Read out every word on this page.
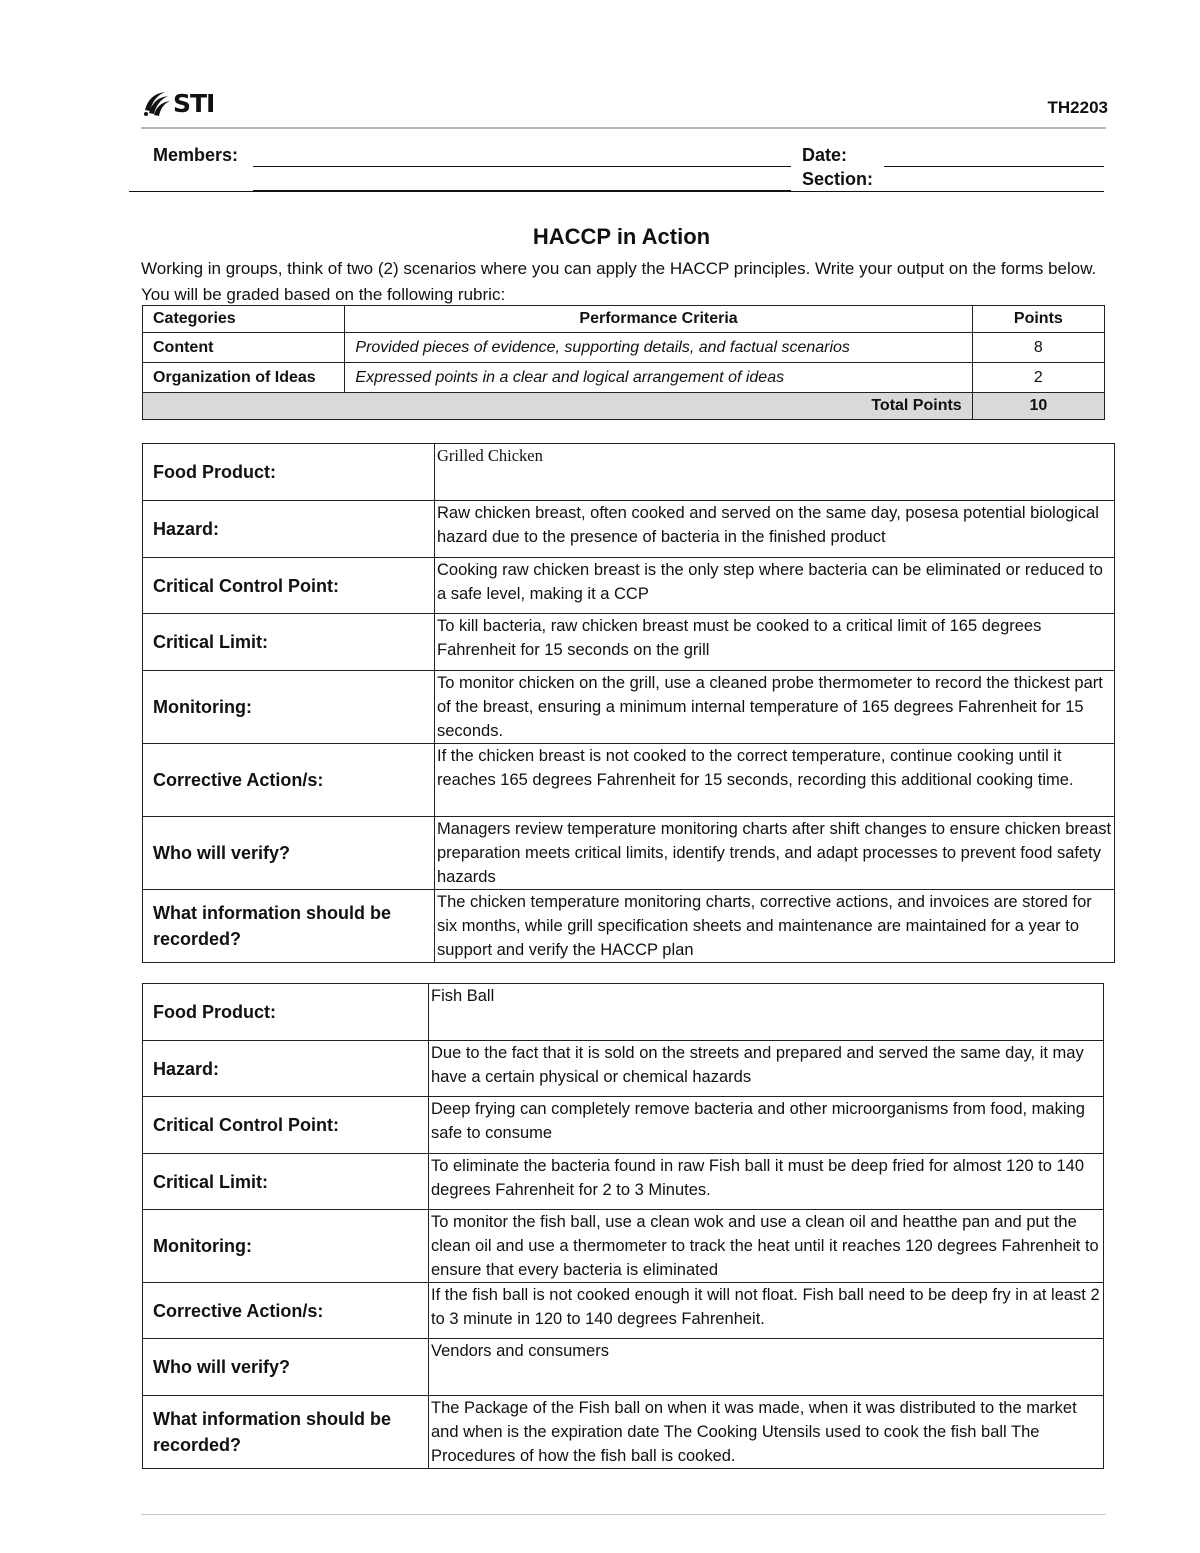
STI	TH2203
Members:	Date:
Section:
HACCP in Action
Working in groups, think of two (2) scenarios where you can apply the HACCP principles. Write your output on the forms below. You will be graded based on the following rubric:
Categories	Performance Criteria	Points
Content	Provided pieces of evidence, supporting details, and factual scenarios	8
Organization of Ideas	Expressed points in a clear and logical arrangement of ideas	2
Total Points		10
Food Product:	Grilled Chicken
Hazard:	Raw chicken breast, often cooked and served on the same day, posesa potential biological hazard due to the presence of bacteria in the finished product
Critical Control Point:	Cooking raw chicken breast is the only step where bacteria can be eliminated or reduced to a safe level, making it a CCP
Critical Limit:	To kill bacteria, raw chicken breast must be cooked to a critical limit of 165 degrees Fahrenheit for 15 seconds on the grill
Monitoring:	To monitor chicken on the grill, use a cleaned probe thermometer to record the thickest part of the breast, ensuring a minimum internal temperature of 165 degrees Fahrenheit for 15 seconds.
Corrective Action/s:	If the chicken breast is not cooked to the correct temperature, continue cooking until it reaches 165 degrees Fahrenheit for 15 seconds, recording this additional cooking time.
Who will verify?	Managers review temperature monitoring charts after shift changes to ensure chicken breast preparation meets critical limits, identify trends, and adapt processes to prevent food safety hazards
What information should be recorded?	The chicken temperature monitoring charts, corrective actions, and invoices are stored for six months, while grill specification sheets and maintenance are maintained for a year to support and verify the HACCP plan
Food Product:	Fish Ball
Hazard:	Due to the fact that it is sold on the streets and prepared and served the same day, it may have a certain physical or chemical hazards
Critical Control Point:	Deep frying can completely remove bacteria and other microorganisms from food, making safe to consume
Critical Limit:	To eliminate the bacteria found in raw Fish ball it must be deep fried for almost 120 to 140 degrees Fahrenheit for 2 to 3 Minutes.
Monitoring:	To monitor the fish ball, use a clean wok and use a clean oil and heatthe pan and put the clean oil and use a thermometer to track the heat until it reaches 120 degrees Fahrenheit to ensure that every bacteria is eliminated
Corrective Action/s:	If the fish ball is not cooked enough it will not float. Fish ball need to be deep fry in at least 2 to 3 minute in 120 to 140 degrees Fahrenheit.
Who will verify?	Vendors and consumers
What information should be recorded?	The Package of the Fish ball on when it was made, when it was distributed to the market and when is the expiration date The Cooking Utensils used to cook the fish ball The Procedures of how the fish ball is cooked.
